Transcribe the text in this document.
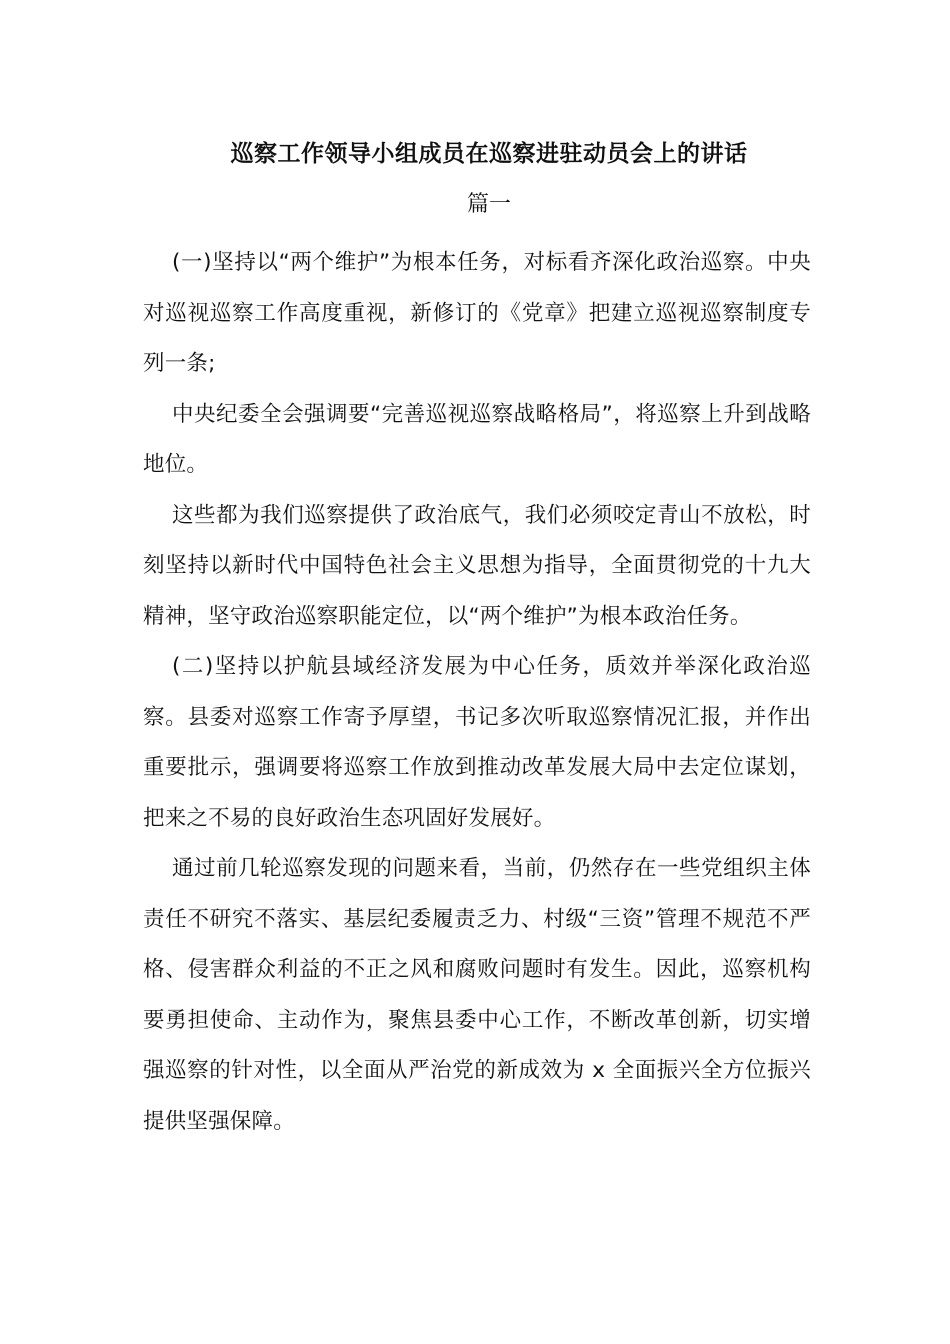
巡察工作领导小组成员在巡察进驻动员会上的讲话
篇一

(一)坚持以“两个维护”为根本任务，对标看齐深化政治巡察。中央对巡视巡察工作高度重视，新修订的《党章》把建立巡视巡察制度专列一条;

中央纪委全会强调要“完善巡视巡察战略格局”，将巡察上升到战略地位。

这些都为我们巡察提供了政治底气，我们必须咬定青山不放松，时刻坚持以新时代中国特色社会主义思想为指导，全面贯彻党的十九大精神，坚守政治巡察职能定位，以“两个维护”为根本政治任务。

(二)坚持以护航县域经济发展为中心任务，质效并举深化政治巡察。县委对巡察工作寄予厚望，书记多次听取巡察情况汇报，并作出重要批示，强调要将巡察工作放到推动改革发展大局中去定位谋划，把来之不易的良好政治生态巩固好发展好。

通过前几轮巡察发现的问题来看，当前，仍然存在一些党组织主体责任不研究不落实、基层纪委履责乏力、村级“三资”管理不规范不严格、侵害群众利益的不正之风和腐败问题时有发生。因此，巡察机构要勇担使命、主动作为，聚焦县委中心工作，不断改革创新，切实增强巡察的针对性，以全面从严治党的新成效为 x 全面振兴全方位振兴提供坚强保障。
